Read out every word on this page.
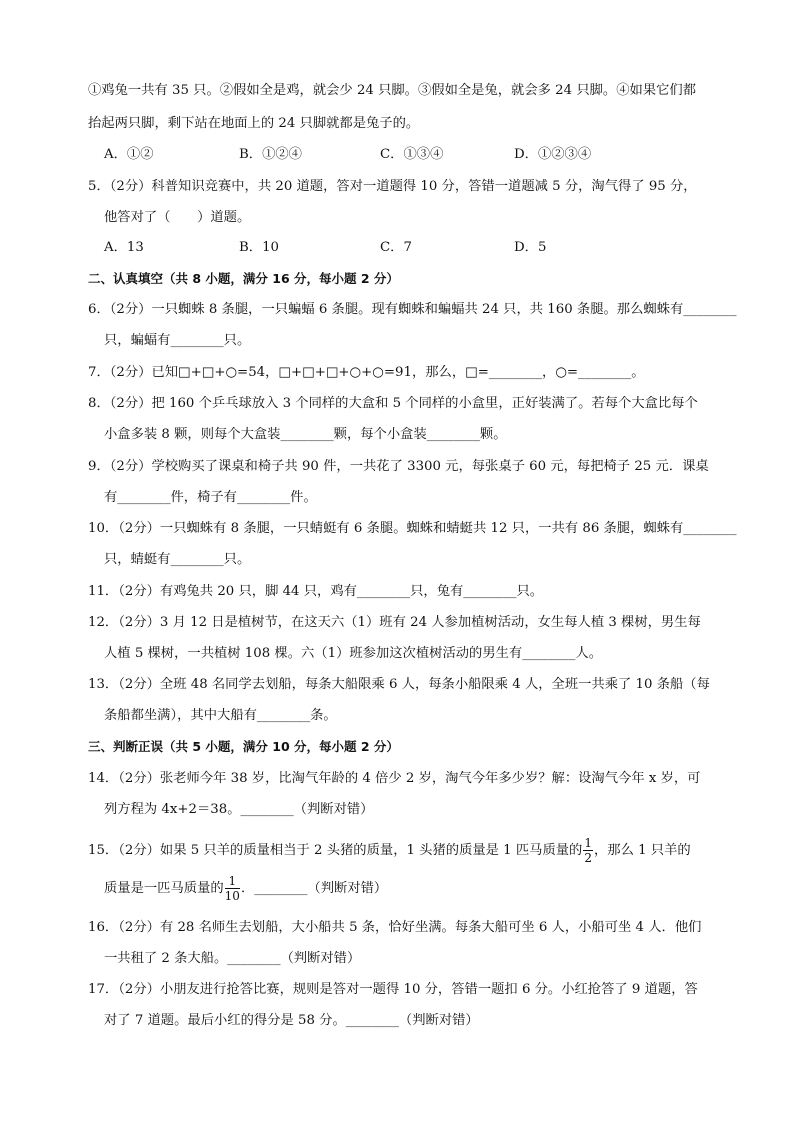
①鸡兔一共有 35 只。②假如全是鸡，就会少 24 只脚。③假如全是兔，就会多 24 只脚。④如果它们都
抬起两只脚，剩下站在地面上的 24 只脚就都是兔子的。
A．①②	B．①②④	C．①③④	D．①②③④
5．（2分）科普知识竞赛中，共 20 道题，答对一道题得 10 分，答错一道题减 5 分，淘气得了 95 分，
他答对了（　　）道题。
A．13	B．10	C．7	D．5
二、认真填空（共 8 小题，满分 16 分，每小题 2 分）
6．（2分）一只蜘蛛 8 条腿，一只蝙蝠 6 条腿。现有蜘蛛和蝙蝠共 24 只，共 160 条腿。那么蜘蛛有________
只，蝙蝠有________只。
7．（2分）已知□+□+○=54，□+□+□+○+○=91，那么，□=________，○=________。
8．（2分）把 160 个乒乓球放入 3 个同样的大盒和 5 个同样的小盒里，正好装满了。若每个大盒比每个
小盒多装 8 颗，则每个大盒装________颗，每个小盒装________颗。
9．（2分）学校购买了课桌和椅子共 90 件，一共花了 3300 元，每张桌子 60 元，每把椅子 25 元．课桌
有________件，椅子有________件。
10．（2分）一只蜘蛛有 8 条腿，一只蜻蜓有 6 条腿。蜘蛛和蜻蜓共 12 只，一共有 86 条腿，蜘蛛有________
只，蜻蜓有________只。
11．（2分）有鸡兔共 20 只，脚 44 只，鸡有________只，兔有________只。
12．（2分）3 月 12 日是植树节，在这天六（1）班有 24 人参加植树活动，女生每人植 3 棵树，男生每
人植 5 棵树，一共植树 108 棵。六（1）班参加这次植树活动的男生有________人。
13．（2分）全班 48 名同学去划船，每条大船限乘 6 人，每条小船限乘 4 人，全班一共乘了 10 条船（每
条船都坐满），其中大船有________条。
三、判断正误（共 5 小题，满分 10 分，每小题 2 分）
14．（2分）张老师今年 38 岁，比淘气年龄的 4 倍少 2 岁，淘气今年多少岁？解：设淘气今年 x 岁，可
列方程为 4x+2＝38。________（判断对错）
15．（2分）如果 5 只羊的质量相当于 2 头猪的质量，1 头猪的质量是 1 匹马质量的 $\frac{1}{2}$ ，那么 1 只羊的
质量是一匹马质量的 $\frac{1}{10}$ ．________（判断对错）
16．（2分）有 28 名师生去划船，大小船共 5 条，恰好坐满。每条大船可坐 6 人，小船可坐 4 人．他们
一共租了 2 条大船。________（判断对错）
17．（2分）小朋友进行抢答比赛，规则是答对一题得 10 分，答错一题扣 6 分。小红抢答了 9 道题，答
对了 7 道题。最后小红的得分是 58 分。________（判断对错）
